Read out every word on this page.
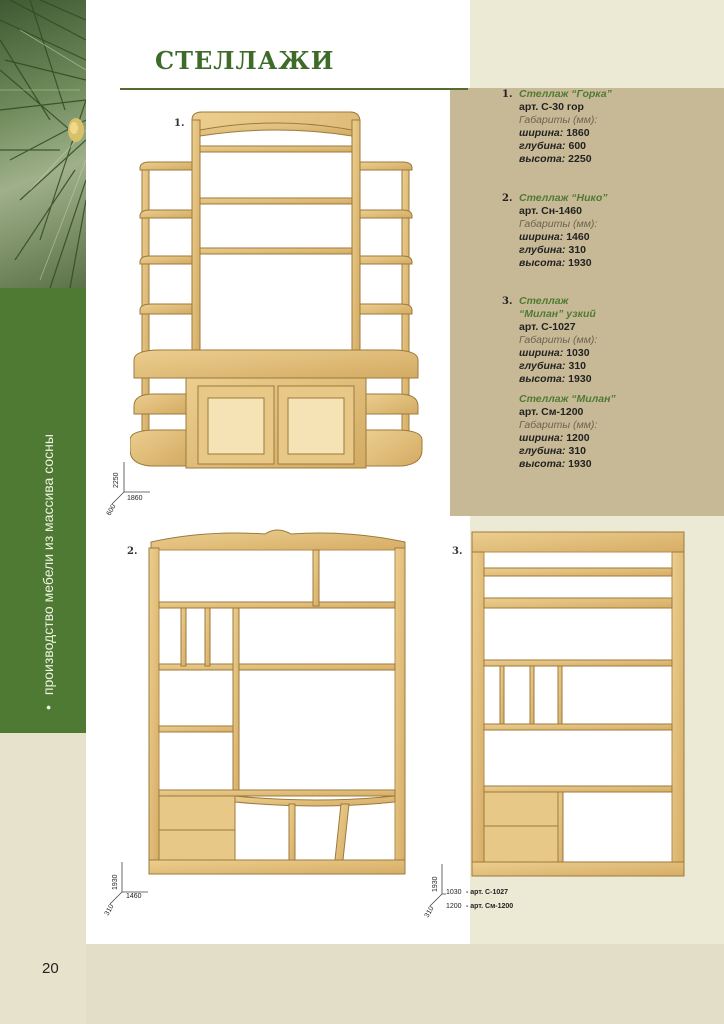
•производство мебели из массива сосны
20
СТЕЛЛАЖИ
1.
2.	3.
1. Стеллаж “Горка”
арт. С-30 гор
Габариты (мм):
ширина: 1860
глубина: 600
высота: 2250
2. Стеллаж “Нико”
арт. Сн-1460
Габариты (мм):
ширина: 1460
глубина: 310
высота: 1930
3. Стеллаж
“Милан” узкий
арт. С-1027
Габариты (мм):
ширина: 1030
глубина: 310
высота: 1930
Стеллаж “Милан”
арт. См-1200
Габариты (мм):
ширина: 1200
глубина: 310
высота: 1930
2250
1860
600
1930
1460
310
1930
310
1030 - арт. С-1027
1200 - арт. См-1200
